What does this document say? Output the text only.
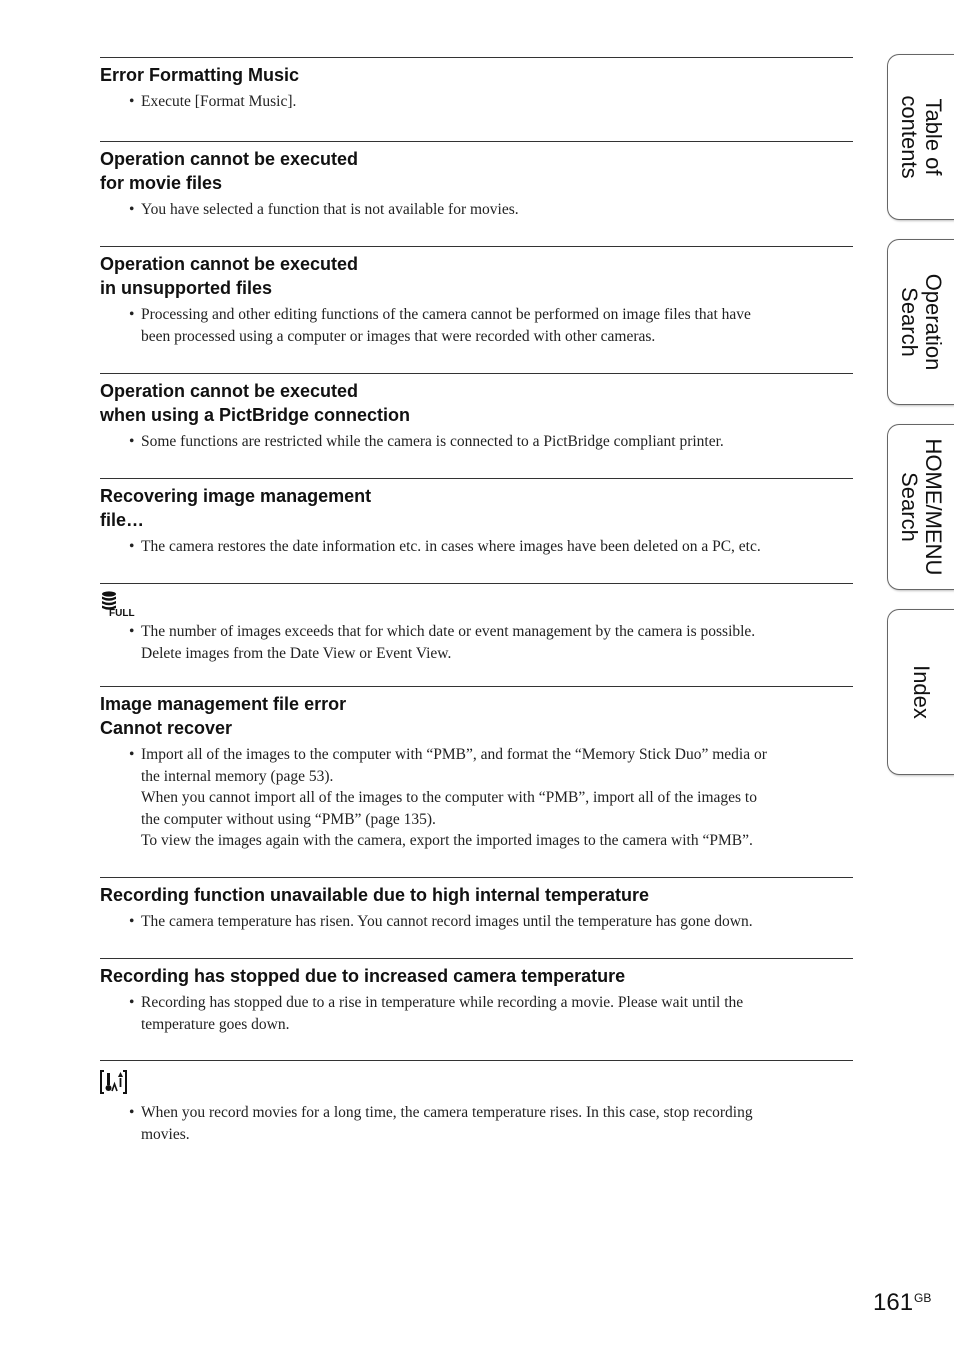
Error Formatting Music
• Execute [Format Music].
Operation cannot be executed
for movie files
• You have selected a function that is not available for movies.
Operation cannot be executed
in unsupported files
• Processing and other editing functions of the camera cannot be performed on image files that have
been processed using a computer or images that were recorded with other cameras.
Operation cannot be executed
when using a PictBridge connection
• Some functions are restricted while the camera is connected to a PictBridge compliant printer.
Recovering image management
file…
• The camera restores the date information etc. in cases where images have been deleted on a PC, etc.
FULL
• The number of images exceeds that for which date or event management by the camera is possible.
Delete images from the Date View or Event View.
Image management file error
Cannot recover
• Import all of the images to the computer with “PMB”, and format the “Memory Stick Duo” media or
the internal memory (page 53).
When you cannot import all of the images to the computer with “PMB”, import all of the images to
the computer without using “PMB” (page 135).
To view the images again with the camera, export the imported images to the camera with “PMB”.
Recording function unavailable due to high internal temperature
• The camera temperature has risen. You cannot record images until the temperature has gone down.
Recording has stopped due to increased camera temperature
• Recording has stopped due to a rise in temperature while recording a movie. Please wait until the
temperature goes down.
• When you record movies for a long time, the camera temperature rises. In this case, stop recording
movies.
Table of
contents
Operation
Search
HOME/MENU
Search
Index
$161^{GB}$
